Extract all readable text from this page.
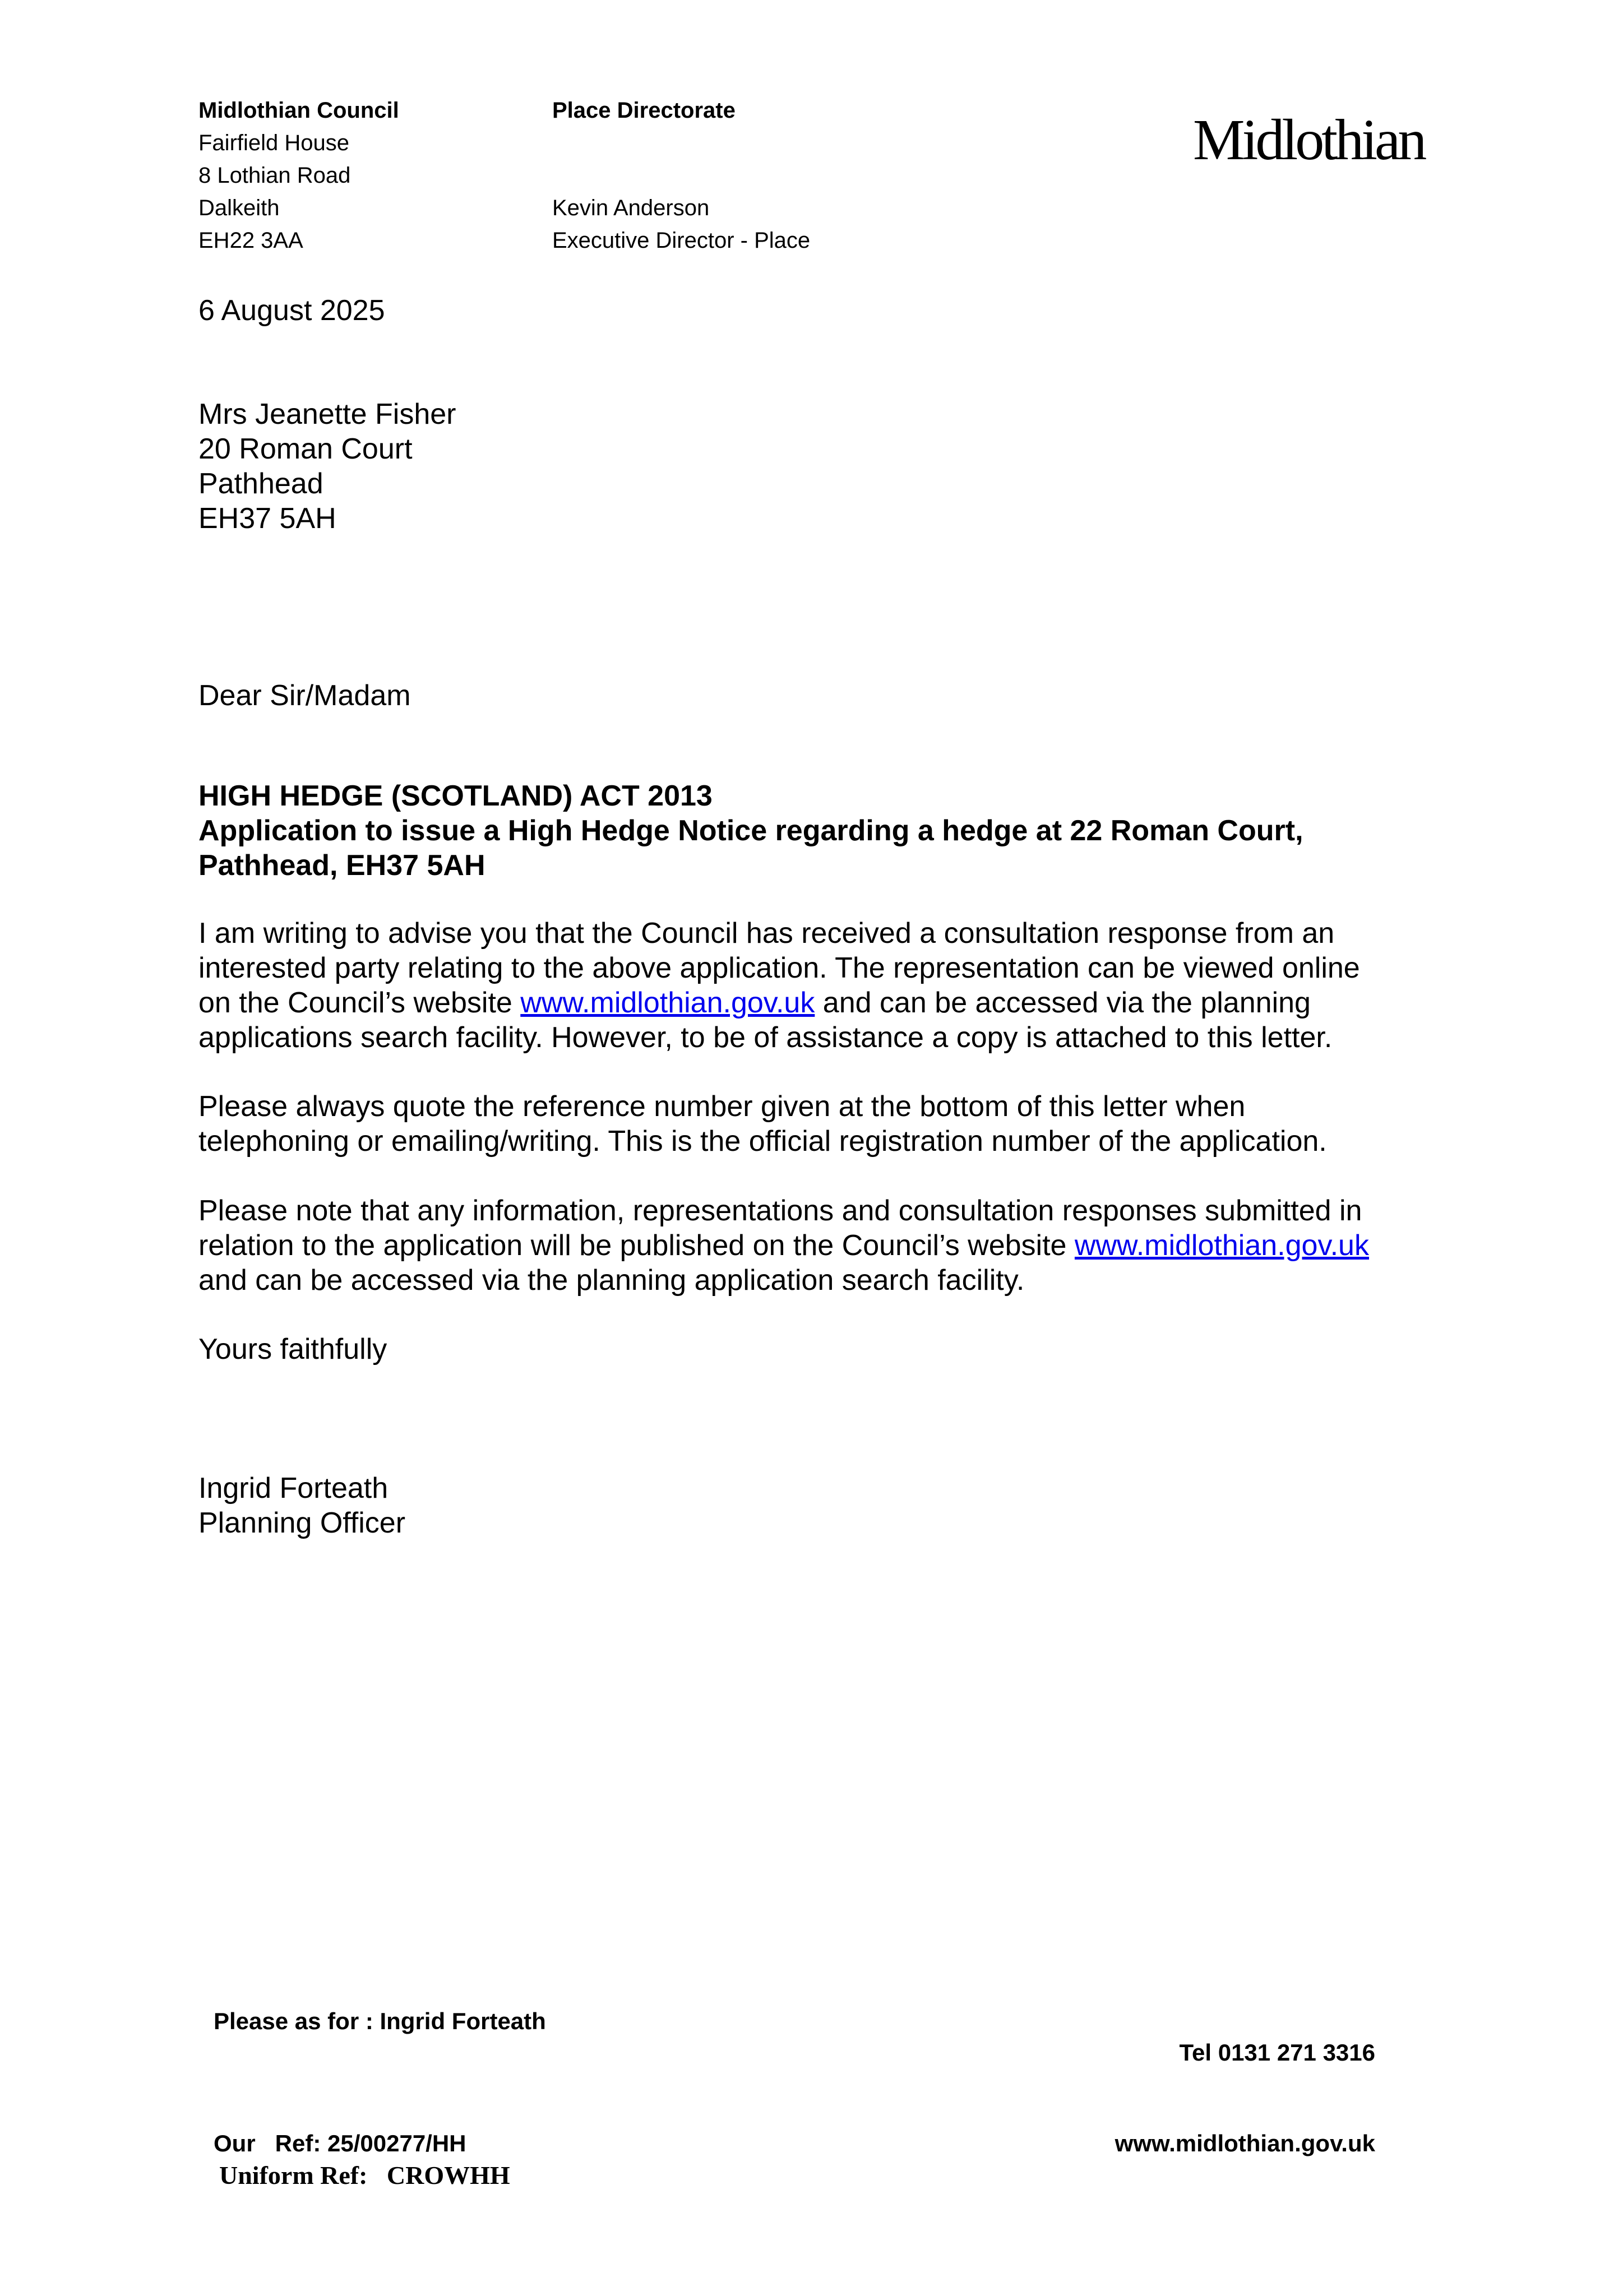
Midlothian Council
Fairfield House
8 Lothian Road
Dalkeith
EH22 3AA
Place Directorate
Kevin Anderson
Executive Director - Place
Midlothian
6 August 2025
Mrs Jeanette Fisher
20 Roman Court
Pathhead
EH37 5AH
Dear Sir/Madam
HIGH HEDGE (SCOTLAND) ACT 2013
Application to issue a High Hedge Notice regarding a hedge at 22 Roman Court,
Pathhead, EH37 5AH
I am writing to advise you that the Council has received a consultation response from an
interested party relating to the above application. The representation can be viewed online
on the Council’s website www.midlothian.gov.uk and can be accessed via the planning
applications search facility. However, to be of assistance a copy is attached to this letter.
Please always quote the reference number given at the bottom of this letter when
telephoning or emailing/writing. This is the official registration number of the application.
Please note that any information, representations and consultation responses submitted in
relation to the application will be published on the Council’s website www.midlothian.gov.uk
and can be accessed via the planning application search facility.
Yours faithfully
Ingrid Forteath
Planning Officer
Please as for : Ingrid Forteath
Tel 0131 271 3316
Our   Ref: 25/00277/HH	www.midlothian.gov.uk
Uniform Ref:   CROWHH
